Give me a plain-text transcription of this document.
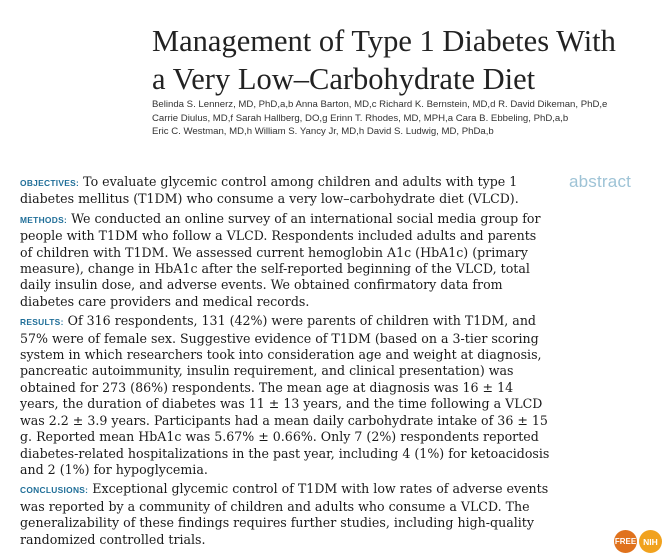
Management of Type 1 Diabetes With
a Very Low–Carbohydrate Diet
Belinda S. Lennerz, MD, PhD,a,b Anna Barton, MD,c Richard K. Bernstein, MD,d R. David Dikeman, PhD,e
Carrie Diulus, MD,f Sarah Hallberg, DO,g Erinn T. Rhodes, MD, MPH,a Cara B. Ebbeling, PhD,a,b
Eric C. Westman, MD,h William S. Yancy Jr, MD,h David S. Ludwig, MD, PhDa,b
abstract

OBJECTIVES: To evaluate glycemic control among children and adults with type 1 diabetes mellitus (T1DM) who consume a very low–carbohydrate diet (VLCD).

METHODS: We conducted an online survey of an international social media group for people with T1DM who follow a VLCD. Respondents included adults and parents of children with T1DM. We assessed current hemoglobin A1c (HbA1c) (primary measure), change in HbA1c after the self-reported beginning of the VLCD, total daily insulin dose, and adverse events. We obtained confirmatory data from diabetes care providers and medical records.

RESULTS: Of 316 respondents, 131 (42%) were parents of children with T1DM, and 57% were of female sex. Suggestive evidence of T1DM (based on a 3-tier scoring system in which researchers took into consideration age and weight at diagnosis, pancreatic autoimmunity, insulin requirement, and clinical presentation) was obtained for 273 (86%) respondents. The mean age at diagnosis was 16 ± 14 years, the duration of diabetes was 11 ± 13 years, and the time following a VLCD was 2.2 ± 3.9 years. Participants had a mean daily carbohydrate intake of 36 ± 15 g. Reported mean HbA1c was 5.67% ± 0.66%. Only 7 (2%) respondents reported diabetes-related hospitalizations in the past year, including 4 (1%) for ketoacidosis and 2 (1%) for hypoglycemia.

CONCLUSIONS: Exceptional glycemic control of T1DM with low rates of adverse events was reported by a community of children and adults who consume a VLCD. The generalizability of these findings requires further studies, including high-quality randomized controlled trials.	FREE NIH
